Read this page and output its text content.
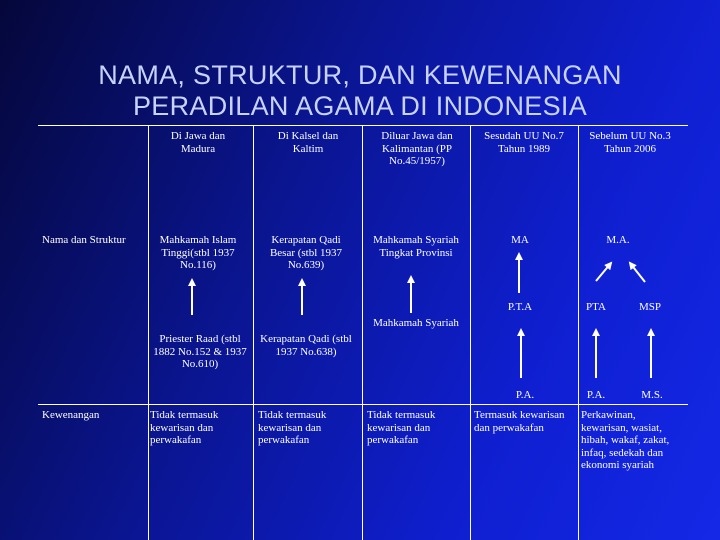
NAMA, STRUKTUR, DAN KEWENANGAN
PERADILAN AGAMA DI INDONESIA
Di Jawa dan Madura
Di Kalsel dan Kaltim
Diluar Jawa dan Kalimantan (PP No.45/1957)
Sesudah UU No.7 Tahun 1989
Sebelum UU No.3 Tahun 2006
Nama dan Struktur
Kewenangan
Mahkamah Islam Tinggi(stbl 1937 No.116)
Priester Raad (stbl 1882 No.152 & 1937 No.610)
Kerapatan Qadi Besar (stbl 1937 No.639)
Kerapatan Qadi (stbl 1937 No.638)
Mahkamah Syariah Tingkat Provinsi
Mahkamah Syariah
MA
P.T.A
P.A.
M.A.
PTA	MSP
P.A.	M.S.
Tidak termasuk kewarisan dan perwakafan
Tidak termasuk kewarisan dan perwakafan
Tidak termasuk kewarisan dan perwakafan
Termasuk kewarisan dan perwakafan
Perkawinan, kewarisan, wasiat, hibah, wakaf, zakat, infaq, sedekah dan ekonomi syariah
